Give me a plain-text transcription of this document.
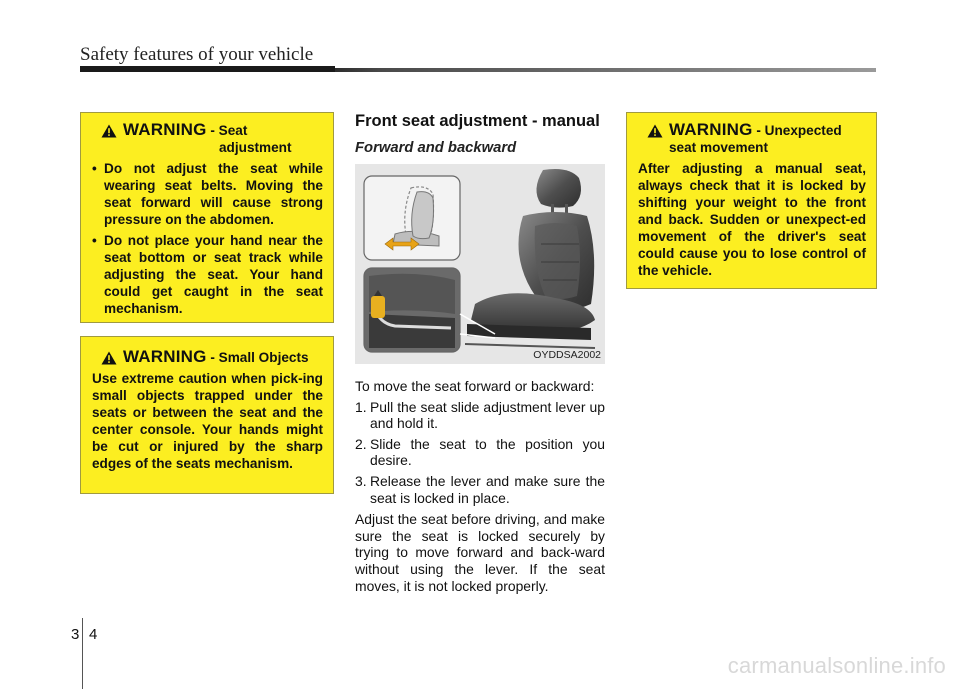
Safety features of your vehicle
WARNING - Seat
adjustment
• Do not adjust the seat while wearing seat belts. Moving the seat forward will cause strong pressure on the abdomen.
• Do not place your hand near the seat bottom or seat track while adjusting the seat. Your hand could get caught in the seat mechanism.
WARNING - Small Objects
Use extreme caution when pick-ing small objects trapped under the seats or between the seat and the center console. Your hands might be cut or injured by the sharp edges of the seats mechanism.
Front seat adjustment - manual
Forward and backward
OYDDSA2002
To move the seat forward or backward:
1. Pull the seat slide adjustment lever up and hold it.
2. Slide the seat to the position you desire.
3. Release the lever and make sure the seat is locked in place.
Adjust the seat before driving, and make sure the seat is locked securely by trying to move forward and back-ward without using the lever. If the seat moves, it is not locked properly.
WARNING - Unexpected
seat movement
After adjusting a manual seat, always check that it is locked by shifting your weight to the front and back. Sudden or unexpect-ed movement of the driver's seat could cause you to lose control of the vehicle.
3 4
carmanualsonline.info
